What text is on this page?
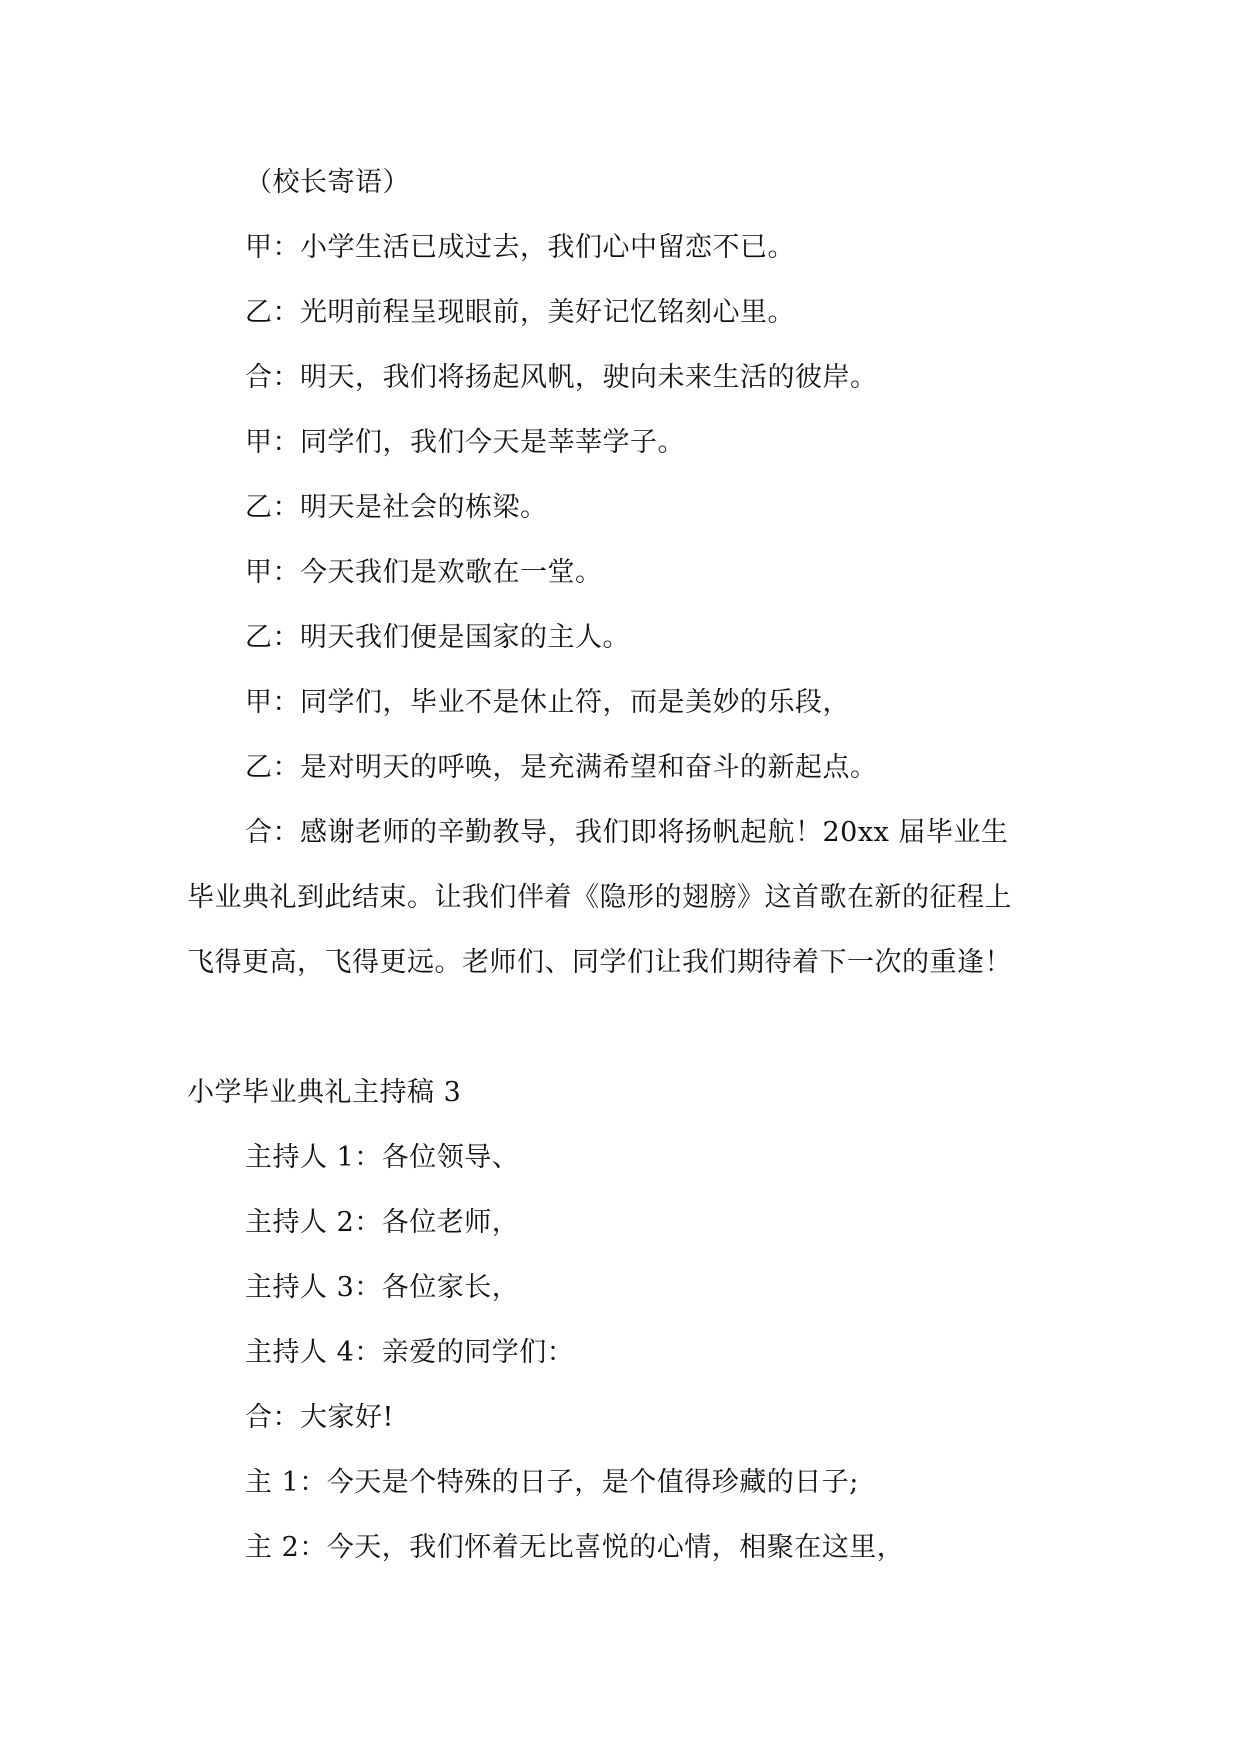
（校长寄语）
甲：小学生活已成过去，我们心中留恋不已。
乙：光明前程呈现眼前，美好记忆铭刻心里。
合：明天，我们将扬起风帆，驶向未来生活的彼岸。
甲：同学们，我们今天是莘莘学子。
乙：明天是社会的栋梁。
甲：今天我们是欢歌在一堂。
乙：明天我们便是国家的主人。
甲：同学们，毕业不是休止符，而是美妙的乐段，
乙：是对明天的呼唤，是充满希望和奋斗的新起点。
合：感谢老师的辛勤教导，我们即将扬帆起航！20xx 届毕业生
毕业典礼到此结束。让我们伴着《隐形的翅膀》这首歌在新的征程上
飞得更高，飞得更远。老师们、同学们让我们期待着下一次的重逢！
小学毕业典礼主持稿 3
主持人 1：各位领导、
主持人 2：各位老师，
主持人 3：各位家长，
主持人 4：亲爱的同学们：
合：大家好!
主 1：今天是个特殊的日子，是个值得珍藏的日子;
主 2：今天，我们怀着无比喜悦的心情，相聚在这里，
